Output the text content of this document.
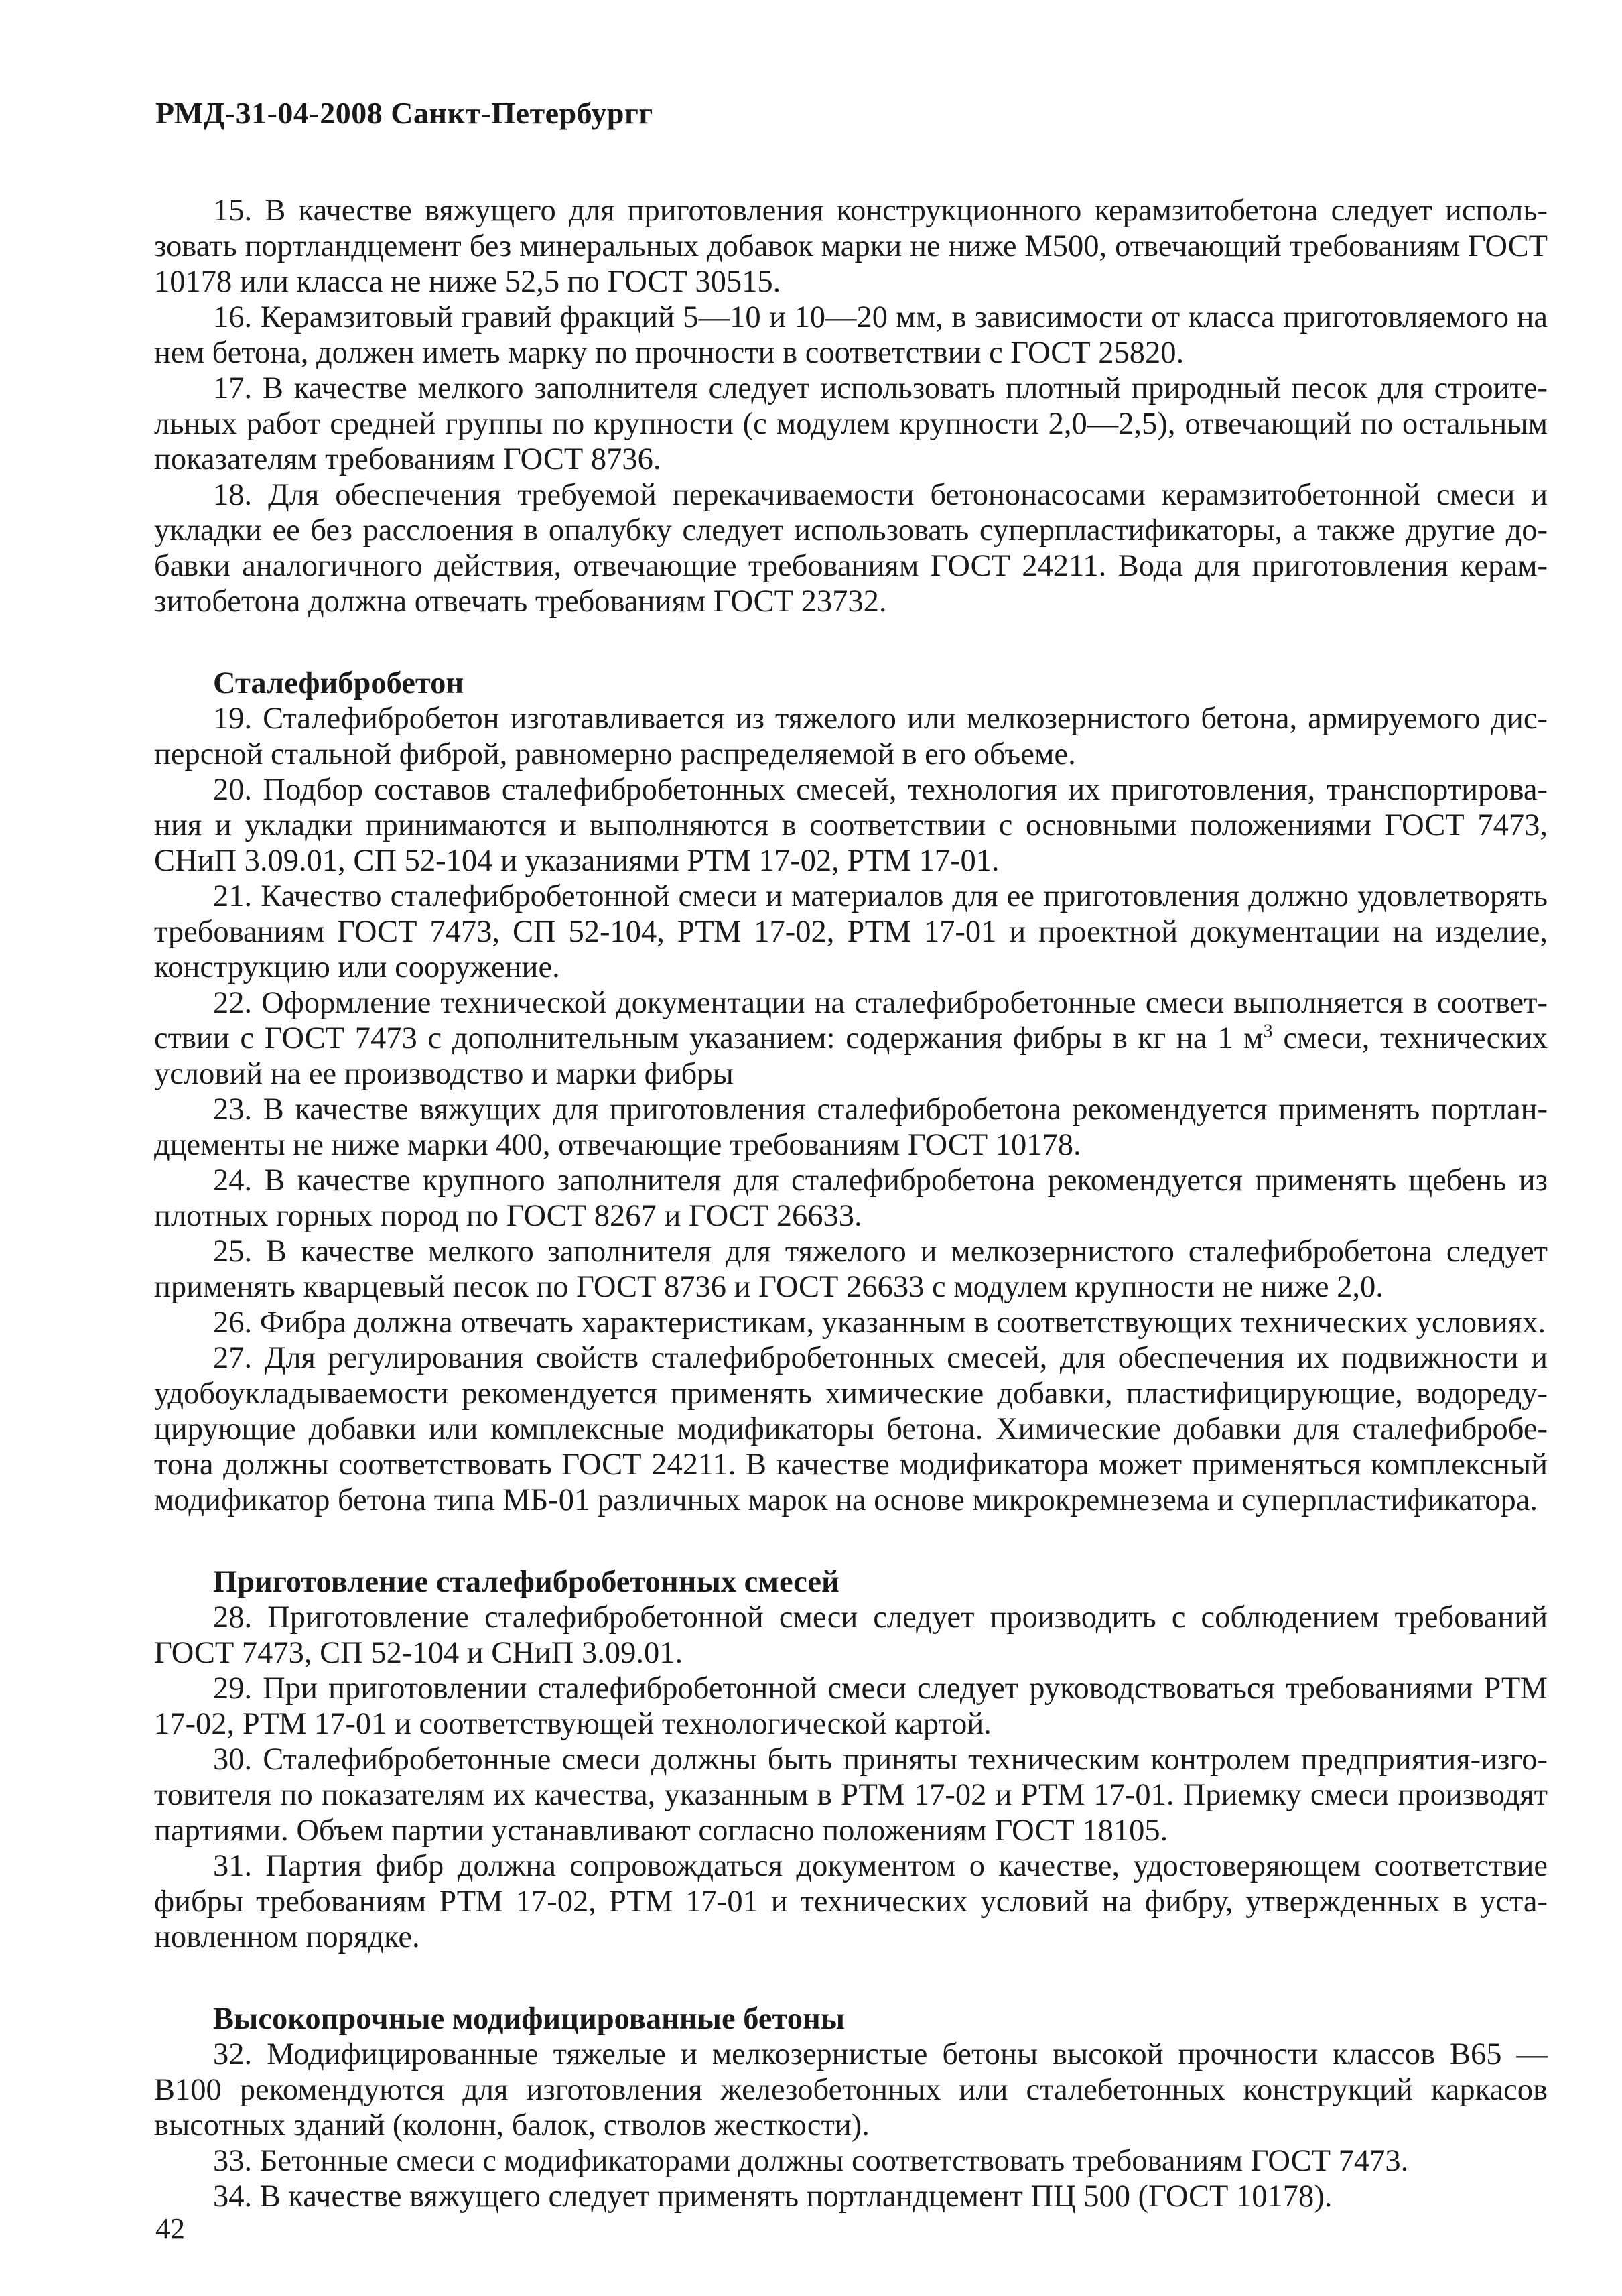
РМД-31-04-2008 Санкт-Петербургг

15. В качестве вяжущего для приготовления конструкционного керамзитобетона следует использовать портландцемент без минеральных добавок марки не ниже М500, отвечающий требованиям ГОСТ 10178 или класса не ниже 52,5 по ГОСТ 30515.

16. Керамзитовый гравий фракций 5—10 и 10—20 мм, в зависимости от класса приготовляемого на нем бетона, должен иметь марку по прочности в соответствии с ГОСТ 25820.

17. В качестве мелкого заполнителя следует использовать плотный природный песок для строительных работ средней группы по крупности (с модулем крупности 2,0—2,5), отвечающий по остальным показателям требованиям ГОСТ 8736.

18. Для обеспечения требуемой перекачиваемости бетононасосами керамзитобетонной смеси и укладки ее без расслоения в опалубку следует использовать суперпластификаторы, а также другие добавки аналогичного действия, отвечающие требованиям ГОСТ 24211. Вода для приготовления керамзитобетона должна отвечать требованиям ГОСТ 23732.

Сталефибробетон

19. Сталефибробетон изготавливается из тяжелого или мелкозернистого бетона, армируемого дисперсной стальной фиброй, равномерно распределяемой в его объеме.

20. Подбор составов сталефибробетонных смесей, технология их приготовления, транспортирования и укладки принимаются и выполняются в соответствии с основными положениями ГОСТ 7473, СНиП 3.09.01, СП 52-104 и указаниями РТМ 17-02, РТМ 17-01.

21. Качество сталефибробетонной смеси и материалов для ее приготовления должно удовлетворять требованиям ГОСТ 7473, СП 52-104, РТМ 17-02, РТМ 17-01 и проектной документации на изделие, конструкцию или сооружение.

22. Оформление технической документации на сталефибробетонные смеси выполняется в соответствии с ГОСТ 7473 с дополнительным указанием: содержания фибры в кг на 1 $м^3$ смеси, технических условий на ее производство и марки фибры

23. В качестве вяжущих для приготовления сталефибробетона рекомендуется применять портландцементы не ниже марки 400, отвечающие требованиям ГОСТ 10178.

24. В качестве крупного заполнителя для сталефибробетона рекомендуется применять щебень из плотных горных пород по ГОСТ 8267 и ГОСТ 26633.

25. В качестве мелкого заполнителя для тяжелого и мелкозернистого сталефибробетона следует применять кварцевый песок по ГОСТ 8736 и ГОСТ 26633 с модулем крупности не ниже 2,0.

26. Фибра должна отвечать характеристикам, указанным в соответствующих технических условиях.

27. Для регулирования свойств сталефибробетонных смесей, для обеспечения их подвижности и удобоукладываемости рекомендуется применять химические добавки, пластифицирующие, водоредуцирующие добавки или комплексные модификаторы бетона. Химические добавки для сталефибробетона должны соответствовать ГОСТ 24211. В качестве модификатора может применяться комплексный модификатор бетона типа МБ-01 различных марок на основе микрокремнезема и суперпластификатора.

Приготовление сталефибробетонных смесей

28. Приготовление сталефибробетонной смеси следует производить с соблюдением требований ГОСТ 7473, СП 52-104 и СНиП 3.09.01.

29. При приготовлении сталефибробетонной смеси следует руководствоваться требованиями РТМ 17-02, РТМ 17-01 и соответствующей технологической картой.

30. Сталефибробетонные смеси должны быть приняты техническим контролем предприятия-изготовителя по показателям их качества, указанным в РТМ 17-02 и РТМ 17-01. Приемку смеси производят партиями. Объем партии устанавливают согласно положениям ГОСТ 18105.

31. Партия фибр должна сопровождаться документом о качестве, удостоверяющем соответствие фибры требованиям РТМ 17-02, РТМ 17-01 и технических условий на фибру, утвержденных в установленном порядке.

Высокопрочные модифицированные бетоны

32. Модифицированные тяжелые и мелкозернистые бетоны высокой прочности классов В65 — В100 рекомендуются для изготовления железобетонных или сталебетонных конструкций каркасов высотных зданий (колонн, балок, стволов жесткости).

33. Бетонные смеси с модификаторами должны соответствовать требованиям ГОСТ 7473.

34. В качестве вяжущего следует применять портландцемент ПЦ 500 (ГОСТ 10178).

42
